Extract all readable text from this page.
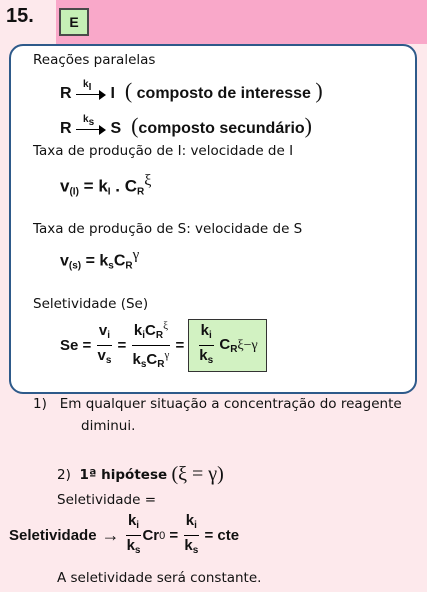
15.	E
Reações paralelas
R
$k_I$ I  ( composto de interesse )
R
$k_s$ S  (composto secundário)
Taxa de produção de I: velocidade de I
$v_{(I)} = k_I$ . $C_R^\xi$
Taxa de produção de S: velocidade de S
$v_{(s)} = k_sC_R^\gamma$
Seletividade (Se)
$Se = \frac{v_i}{v_s} = \frac{k_iC_R^\xi}{k_sC_R^\gamma} = \frac{k_i}{k_s} C_R$ ξ−γ
1) Em qualquer situação a concentração do reagente
diminui.
2)
1ª hipótese
(ξ = γ)
Seletividade =
Seletividade → $\frac{k_i}{k_s}$ Cr $0 = \frac{k_i}{k_s}$ = cte
A seletividade será constante.
